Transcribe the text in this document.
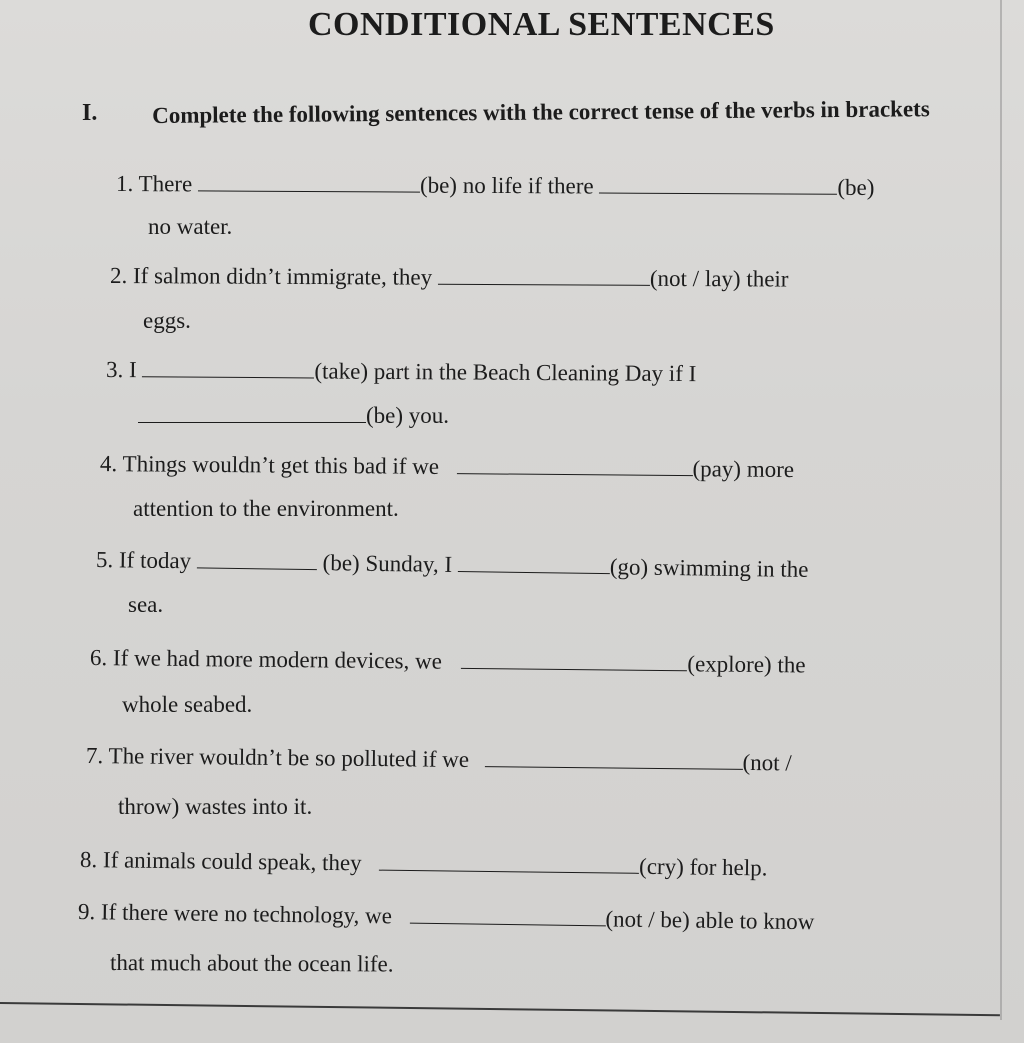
CONDITIONAL SENTENCES
I. Complete the following sentences with the correct tense of the verbs in brackets
1. There	(be) no life if there	(be)
no water.
2. If salmon didn’t immigrate, they	(not / lay) their
eggs.
3. I	(take) part in the Beach Cleaning Day if I
(be) you.
4. Things wouldn’t get this bad if we	(pay) more
attention to the environment.
5. If today	(be) Sunday, I	(go) swimming in the
sea.
6. If we had more modern devices, we	(explore) the
whole seabed.
7. The river wouldn’t be so polluted if we	(not /
throw) wastes into it.
8. If animals could speak, they	(cry) for help.
9. If there were no technology, we	(not / be) able to know
that much about the ocean life.
